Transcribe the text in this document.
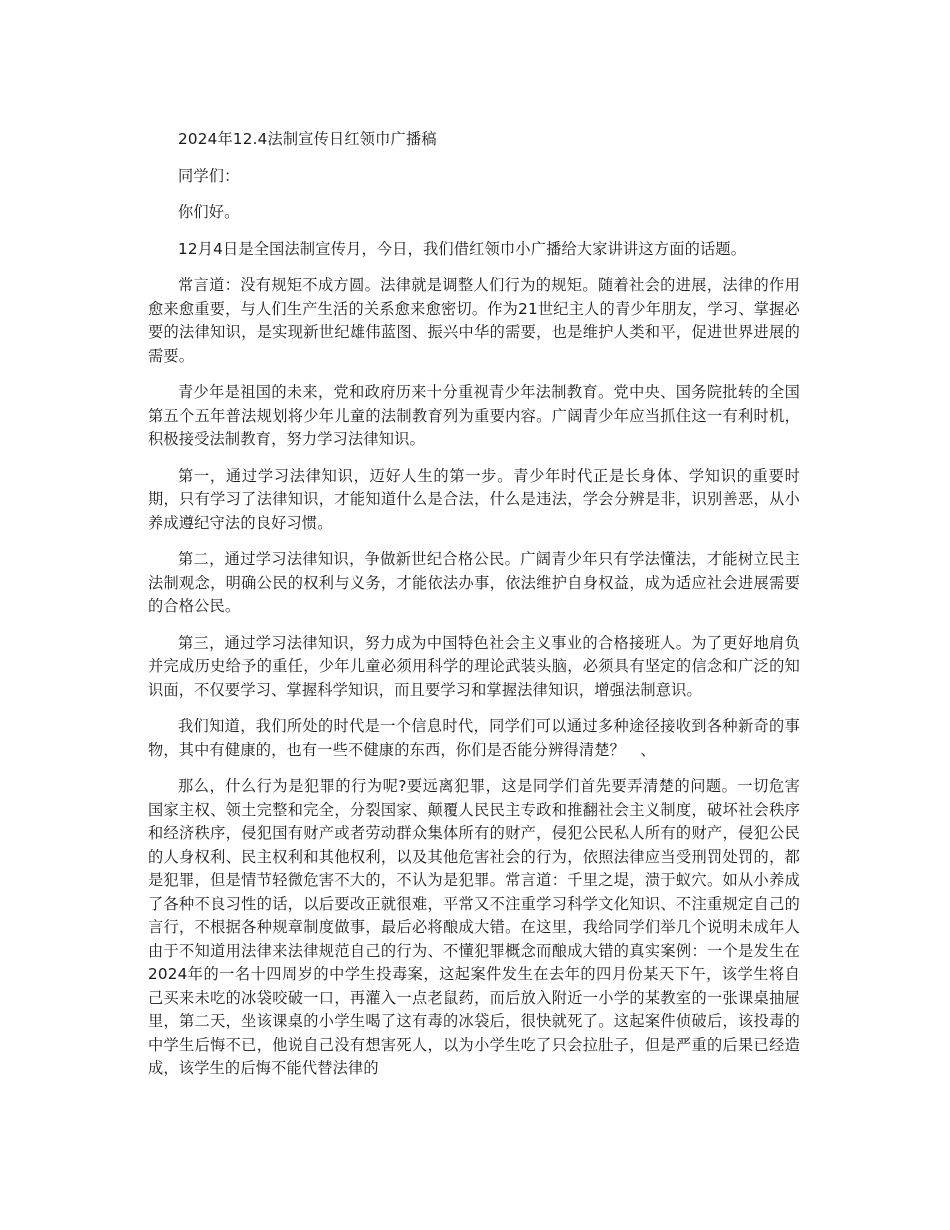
2024年12.4法制宣传日红领巾广播稿
同学们：
你们好。
12月4日是全国法制宣传月，今日，我们借红领巾小广播给大家讲讲这方面的话题。
常言道：没有规矩不成方圆。法律就是调整人们行为的规矩。随着社会的进展，法律的作用愈来愈重要，与人们生产生活的关系愈来愈密切。作为21世纪主人的青少年朋友，学习、掌握必要的法律知识，是实现新世纪雄伟蓝图、振兴中华的需要，也是维护人类和平，促进世界进展的需要。
青少年是祖国的未来，党和政府历来十分重视青少年法制教育。党中央、国务院批转的全国第五个五年普法规划将少年儿童的法制教育列为重要内容。广阔青少年应当抓住这一有利时机，积极接受法制教育，努力学习法律知识。
第一，通过学习法律知识，迈好人生的第一步。青少年时代正是长身体、学知识的重要时期，只有学习了法律知识，才能知道什么是合法，什么是违法，学会分辨是非，识别善恶，从小养成遵纪守法的良好习惯。
第二，通过学习法律知识，争做新世纪合格公民。广阔青少年只有学法懂法，才能树立民主法制观念，明确公民的权利与义务，才能依法办事，依法维护自身权益，成为适应社会进展需要的合格公民。
第三，通过学习法律知识，努力成为中国特色社会主义事业的合格接班人。为了更好地肩负并完成历史给予的重任，少年儿童必须用科学的理论武装头脑，必须具有坚定的信念和广泛的知识面，不仅要学习、掌握科学知识，而且要学习和掌握法律知识，增强法制意识。
我们知道，我们所处的时代是一个信息时代，同学们可以通过多种途径接收到各种新奇的事物，其中有健康的，也有一些不健康的东西，你们是否能分辨得清楚？　、
那么，什么行为是犯罪的行为呢?要远离犯罪，这是同学们首先要弄清楚的问题。一切危害国家主权、领土完整和完全，分裂国家、颠覆人民民主专政和推翻社会主义制度，破坏社会秩序和经济秩序，侵犯国有财产或者劳动群众集体所有的财产，侵犯公民私人所有的财产，侵犯公民的人身权利、民主权利和其他权利，以及其他危害社会的行为，依照法律应当受刑罚处罚的，都是犯罪，但是情节轻微危害不大的，不认为是犯罪。常言道：千里之堤，溃于蚁穴。如从小养成了各种不良习性的话，以后要改正就很难，平常又不注重学习科学文化知识、不注重规定自己的言行，不根据各种规章制度做事，最后必将酿成大错。在这里，我给同学们举几个说明未成年人由于不知道用法律来法律规范自己的行为、不懂犯罪概念而酿成大错的真实案例：一个是发生在2024年的一名十四周岁的中学生投毒案，这起案件发生在去年的四月份某天下午，该学生将自己买来未吃的冰袋咬破一口，再灌入一点老鼠药，而后放入附近一小学的某教室的一张课桌抽屉里，第二天，坐该课桌的小学生喝了这有毒的冰袋后，很快就死了。这起案件侦破后，该投毒的中学生后悔不已，他说自己没有想害死人，以为小学生吃了只会拉肚子，但是严重的后果已经造成，该学生的后悔不能代替法律的
